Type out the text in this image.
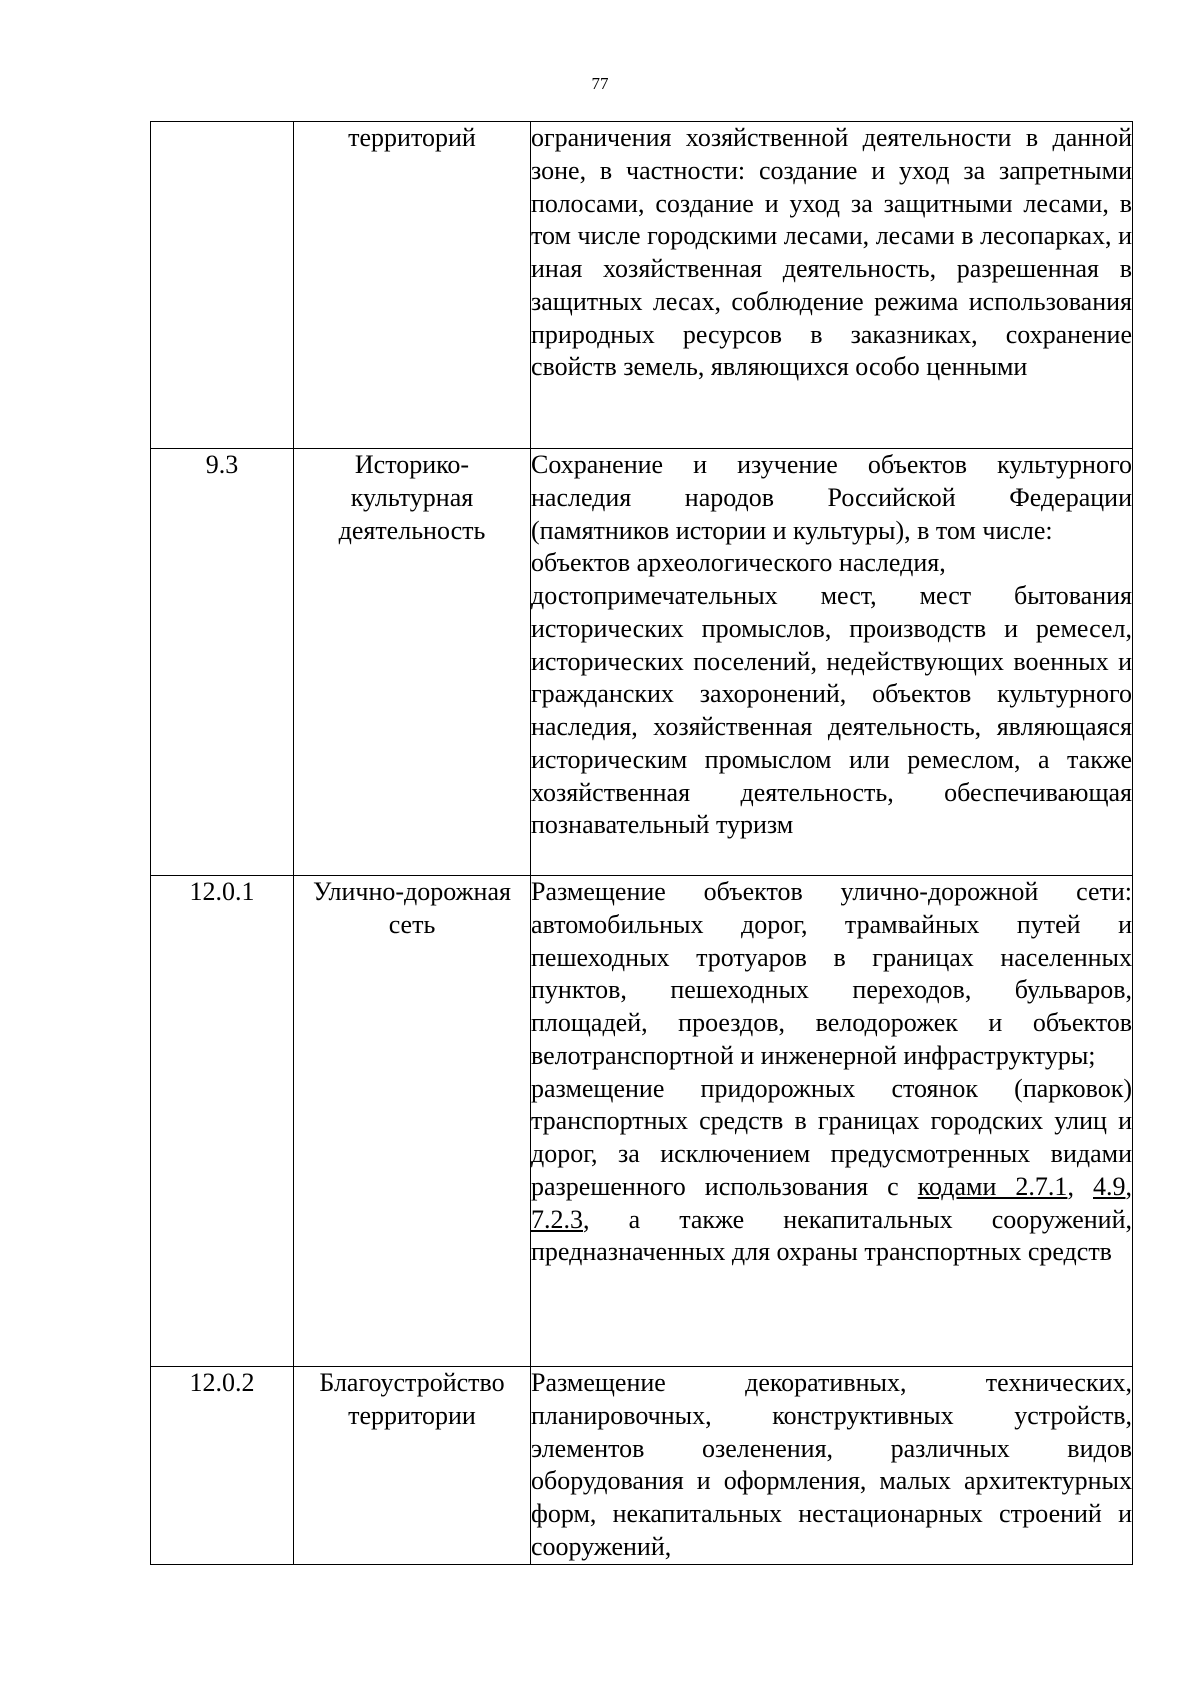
77
	территорий	ограничения хозяйственной деятельности в данной зоне, в частности: создание и уход за запретными полосами, создание и уход за защитными лесами, в том числе городскими лесами, лесами в лесопарках, и иная хозяйственная деятельность, разрешенная в защитных лесах, соблюдение режима использования природных ресурсов в заказниках, сохранение свойств земель, являющихся особо ценными

9.3	Историко-культурная деятельность	Сохранение и изучение объектов культурного наследия народов Российской Федерации (памятников истории и культуры), в том числе:

объектов археологического наследия,

достопримечательных мест, мест бытования исторических промыслов, производств и ремесел, исторических поселений, недействующих военных и гражданских захоронений, объектов культурного наследия, хозяйственная деятельность, являющаяся историческим промыслом или ремеслом, а также хозяйственная деятельность, обеспечивающая познавательный туризм

12.0.1	Улично-дорожная сеть	Размещение объектов улично-дорожной сети: автомобильных дорог, трамвайных путей и пешеходных тротуаров в границах населенных пунктов, пешеходных переходов, бульваров, площадей, проездов, велодорожек и объектов велотранспортной и инженерной инфраструктуры;

размещение придорожных стоянок (парковок) транспортных средств в границах городских улиц и дорог, за исключением предусмотренных видами разрешенного использования с кодами 2.7.1, 4.9, 7.2.3, а также некапитальных сооружений, предназначенных для охраны транспортных средств

12.0.2	Благоустройство территории	Размещение декоративных, технических, планировочных, конструктивных устройств, элементов озеленения, различных видов оборудования и оформления, малых архитектурных форм, некапитальных нестационарных строений и сооружений,
